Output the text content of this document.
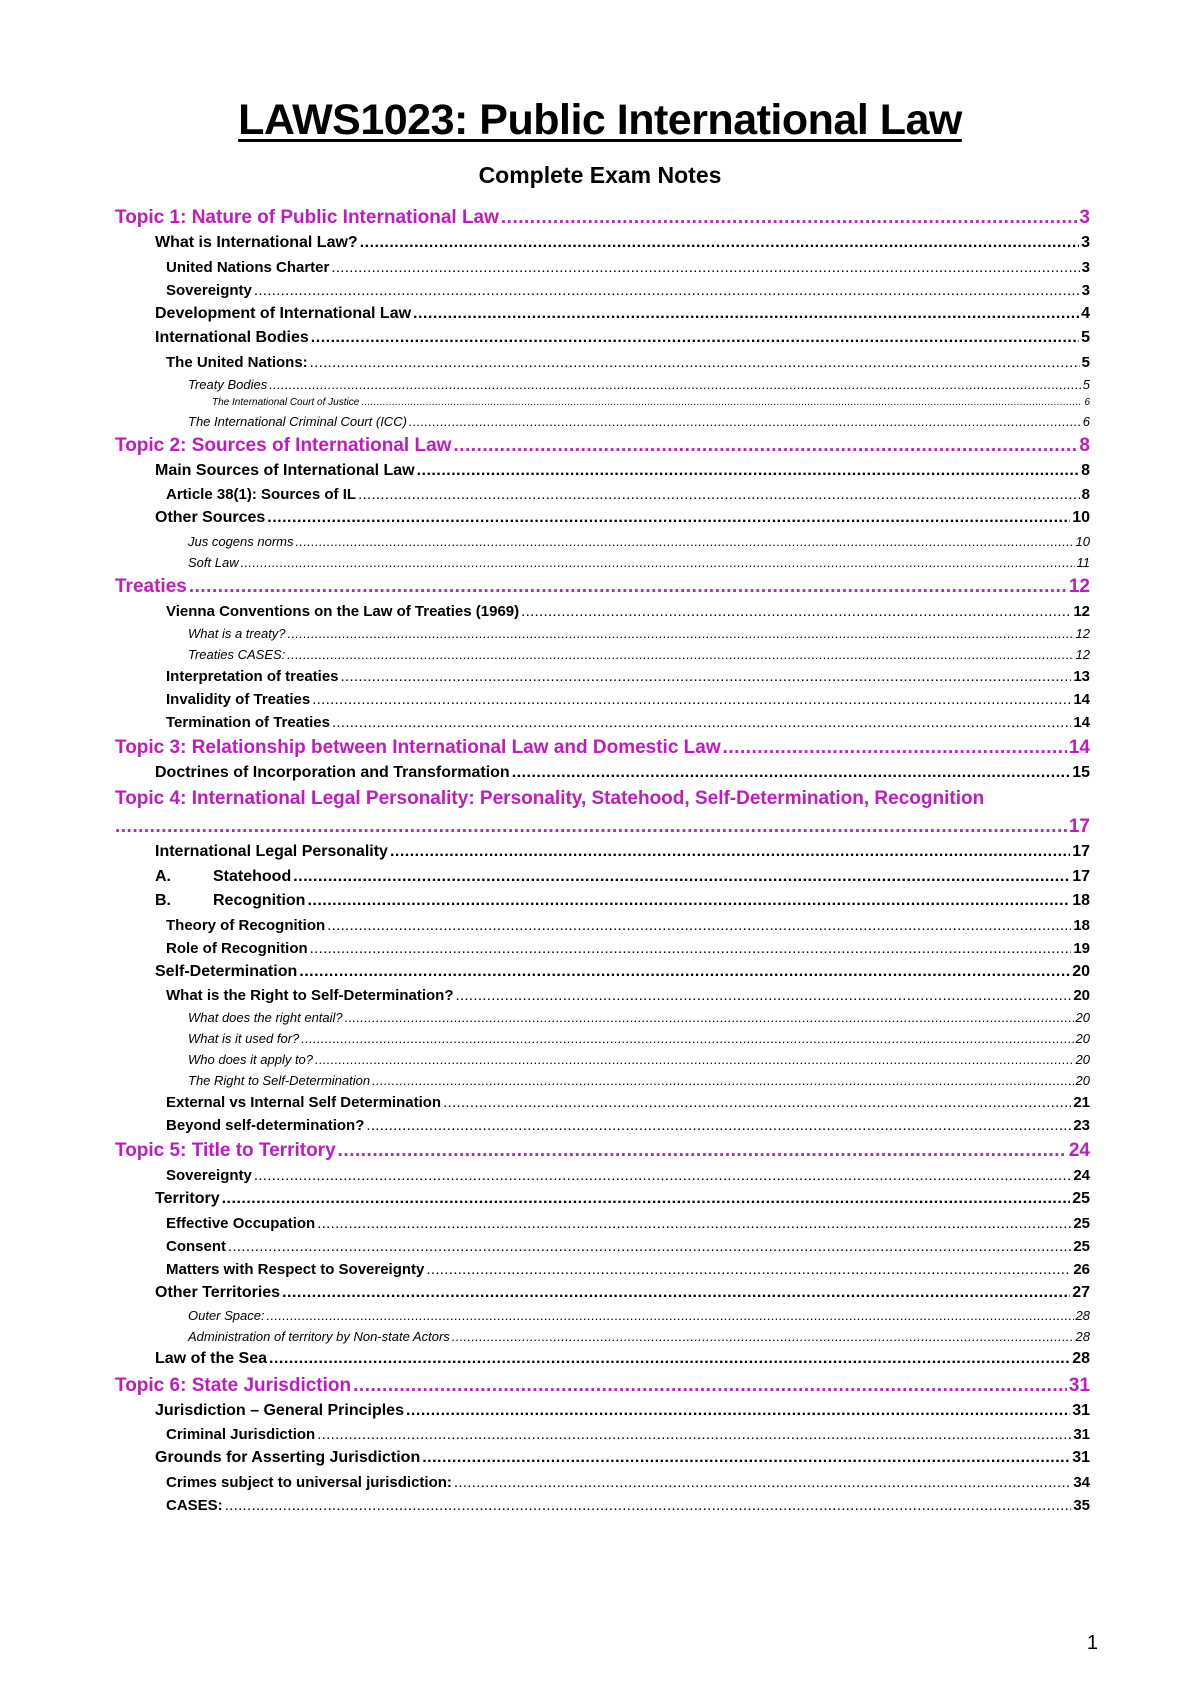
LAWS1023: Public International Law
Complete Exam Notes
Topic 1: Nature of Public International Law .....	3
What is International Law? .....	3
United Nations Charter .....	3
Sovereignty .....	3
Development of International Law .....	4
International Bodies .....	5
The United Nations: .....	5
Treaty Bodies .....	5
The International Court of Justice .....	6
The International Criminal Court (ICC) .....	6
Topic 2: Sources of International Law .....	8
Main Sources of International Law .....	8
Article 38(1): Sources of IL .....	8
Other Sources .....	10
Jus cogens norms .....	10
Soft Law .....	11
Treaties .....	12
Vienna Conventions on the Law of Treaties (1969) .....	12
What is a treaty? .....	12
Treaties CASES: .....	12
Interpretation of treaties .....	13
Invalidity of Treaties .....	14
Termination of Treaties .....	14
Topic 3: Relationship between International Law and Domestic Law .....	14
Doctrines of Incorporation and Transformation .....	15
Topic 4: International Legal Personality: Personality, Statehood, Self-Determination, Recognition
.....
17
International Legal Personality .....	17
A.	Statehood .....	17
B.	Recognition .....	18
Theory of Recognition .....	18
Role of Recognition .....	19
Self-Determination .....	20
What is the Right to Self-Determination? .....	20
What does the right entail? .....	20
What is it used for? .....	20
Who does it apply to? .....	20
The Right to Self-Determination .....	20
External vs Internal Self Determination .....	21
Beyond self-determination? .....	23
Topic 5: Title to Territory .....	24
Sovereignty .....	24
Territory .....	25
Effective Occupation .....	25
Consent .....	25
Matters with Respect to Sovereignty .....	26
Other Territories .....	27
Outer Space: .....	28
Administration of territory by Non-state Actors .....	28
Law of the Sea .....	28
Topic 6: State Jurisdiction .....	31
Jurisdiction – General Principles .....	31
Criminal Jurisdiction .....	31
Grounds for Asserting Jurisdiction .....	31
Crimes subject to universal jurisdiction: .....	34
CASES: .....	35
1
